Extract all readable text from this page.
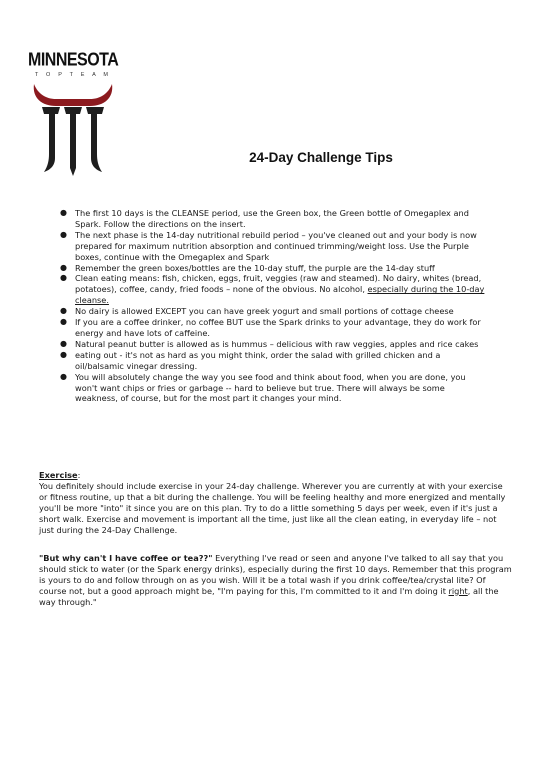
MINNESOTA
T O P T E A M
24-Day Challenge Tips
● The first 10 days is the CLEANSE period, use the Green box, the Green bottle of Omegaplex and Spark. Follow the directions on the insert.
● The next phase is the 14-day nutritional rebuild period – you've cleaned out and your body is now prepared for maximum nutrition absorption and continued trimming/weight loss. Use the Purple boxes, continue with the Omegaplex and Spark
● Remember the green boxes/bottles are the 10-day stuff, the purple are the 14-day stuff
● Clean eating means: fish, chicken, eggs, fruit, veggies (raw and steamed). No dairy, whites (bread, potatoes), coffee, candy, fried foods – none of the obvious. No alcohol, especially during the 10-day cleanse.
● No dairy is allowed EXCEPT you can have greek yogurt and small portions of cottage cheese
● If you are a coffee drinker, no coffee BUT use the Spark drinks to your advantage, they do work for energy and have lots of caffeine.
● Natural peanut butter is allowed as is hummus – delicious with raw veggies, apples and rice cakes
● eating out - it's not as hard as you might think, order the salad with grilled chicken and a oil/balsamic vinegar dressing.
● You will absolutely change the way you see food and think about food, when you are done, you won't want chips or fries or garbage -- hard to believe but true. There will always be some weakness, of course, but for the most part it changes your mind.

Exercise:
You definitely should include exercise in your 24-day challenge. Wherever you are currently at with your exercise or fitness routine, up that a bit during the challenge. You will be feeling healthy and more energized and mentally you'll be more "into" it since you are on this plan. Try to do a little something 5 days per week, even if it's just a short walk. Exercise and movement is important all the time, just like all the clean eating, in everyday life – not just during the 24-Day Challenge.

"But why can't I have coffee or tea??" Everything I've read or seen and anyone I've talked to all say that you should stick to water (or the Spark energy drinks), especially during the first 10 days. Remember that this program is yours to do and follow through on as you wish. Will it be a total wash if you drink coffee/tea/crystal lite? Of course not, but a good approach might be, "I'm paying for this, I'm committed to it and I'm doing it right, all the way through."
